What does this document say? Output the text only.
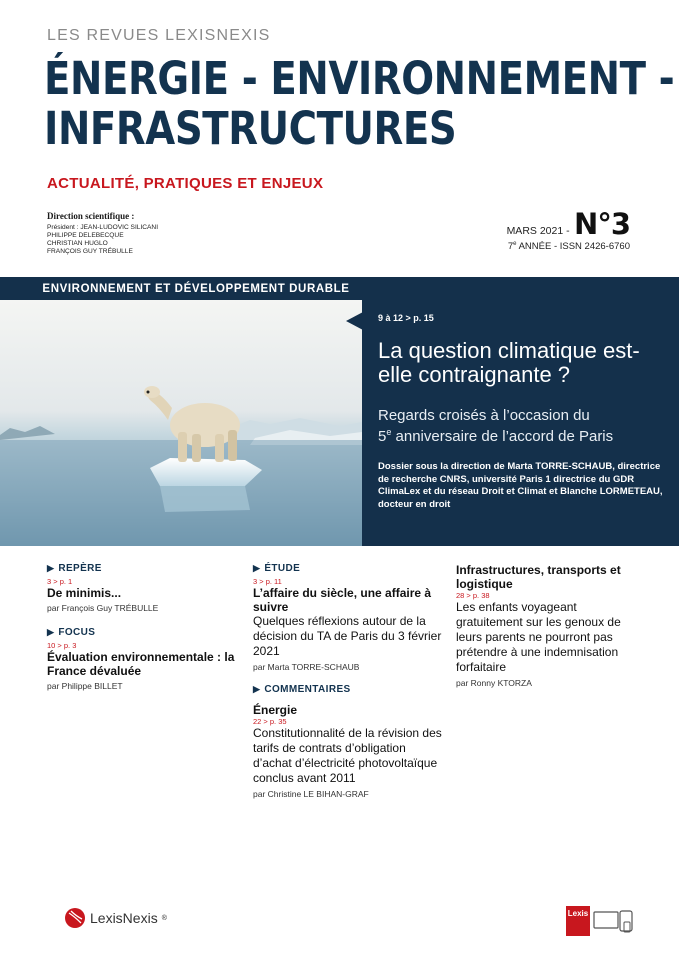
LES REVUES LEXISNEXIS
ÉNERGIE - ENVIRONNEMENT -
INFRASTRUCTURES
ACTUALITÉ, PRATIQUES ET ENJEUX
Direction scientifique :
Président : JEAN-LUDOVIC SILICANI
PHILIPPE DELEBECQUE
CHRISTIAN HUGLO
FRANÇOIS GUY TRÉBULLE
MARS 2021 - N°3
7e ANNÉE - ISSN 2426-6760
ENVIRONNEMENT ET DÉVELOPPEMENT DURABLE
9 à 12 > p. 15
La question climatique est-elle contraignante ?
Regards croisés à l’occasion du
5e anniversaire de l’accord de Paris
Dossier sous la direction de Marta TORRE-SCHAUB, directrice de recherche CNRS, université Paris 1 directrice du GDR ClimaLex et du réseau Droit et Climat et Blanche LORMETEAU, docteur en droit
▶ REPÈRE
3 > p. 1
De minimis...
par François Guy TRÉBULLE
▶ FOCUS
10 > p. 3
Évaluation environnementale : la France dévaluée
par Philippe BILLET
▶ ÉTUDE
3 > p. 11
L’affaire du siècle, une affaire à suivre
Quelques réflexions autour de la décision du TA de Paris du 3 février 2021
par Marta TORRE-SCHAUB
▶ COMMENTAIRES
Énergie
22 > p. 35
Constitutionnalité de la révision des tarifs de contrats d’obligation d’achat d’électricité photovoltaïque conclus avant 2011
par Christine LE BIHAN-GRAF
Infrastructures, transports et logistique
28 > p. 38
Les enfants voyageant gratuitement sur les genoux de leurs parents ne pourront pas prétendre à une indemnisation forfaitaire
par Ronny KTORZA
LexisNexis ®	Lexis
